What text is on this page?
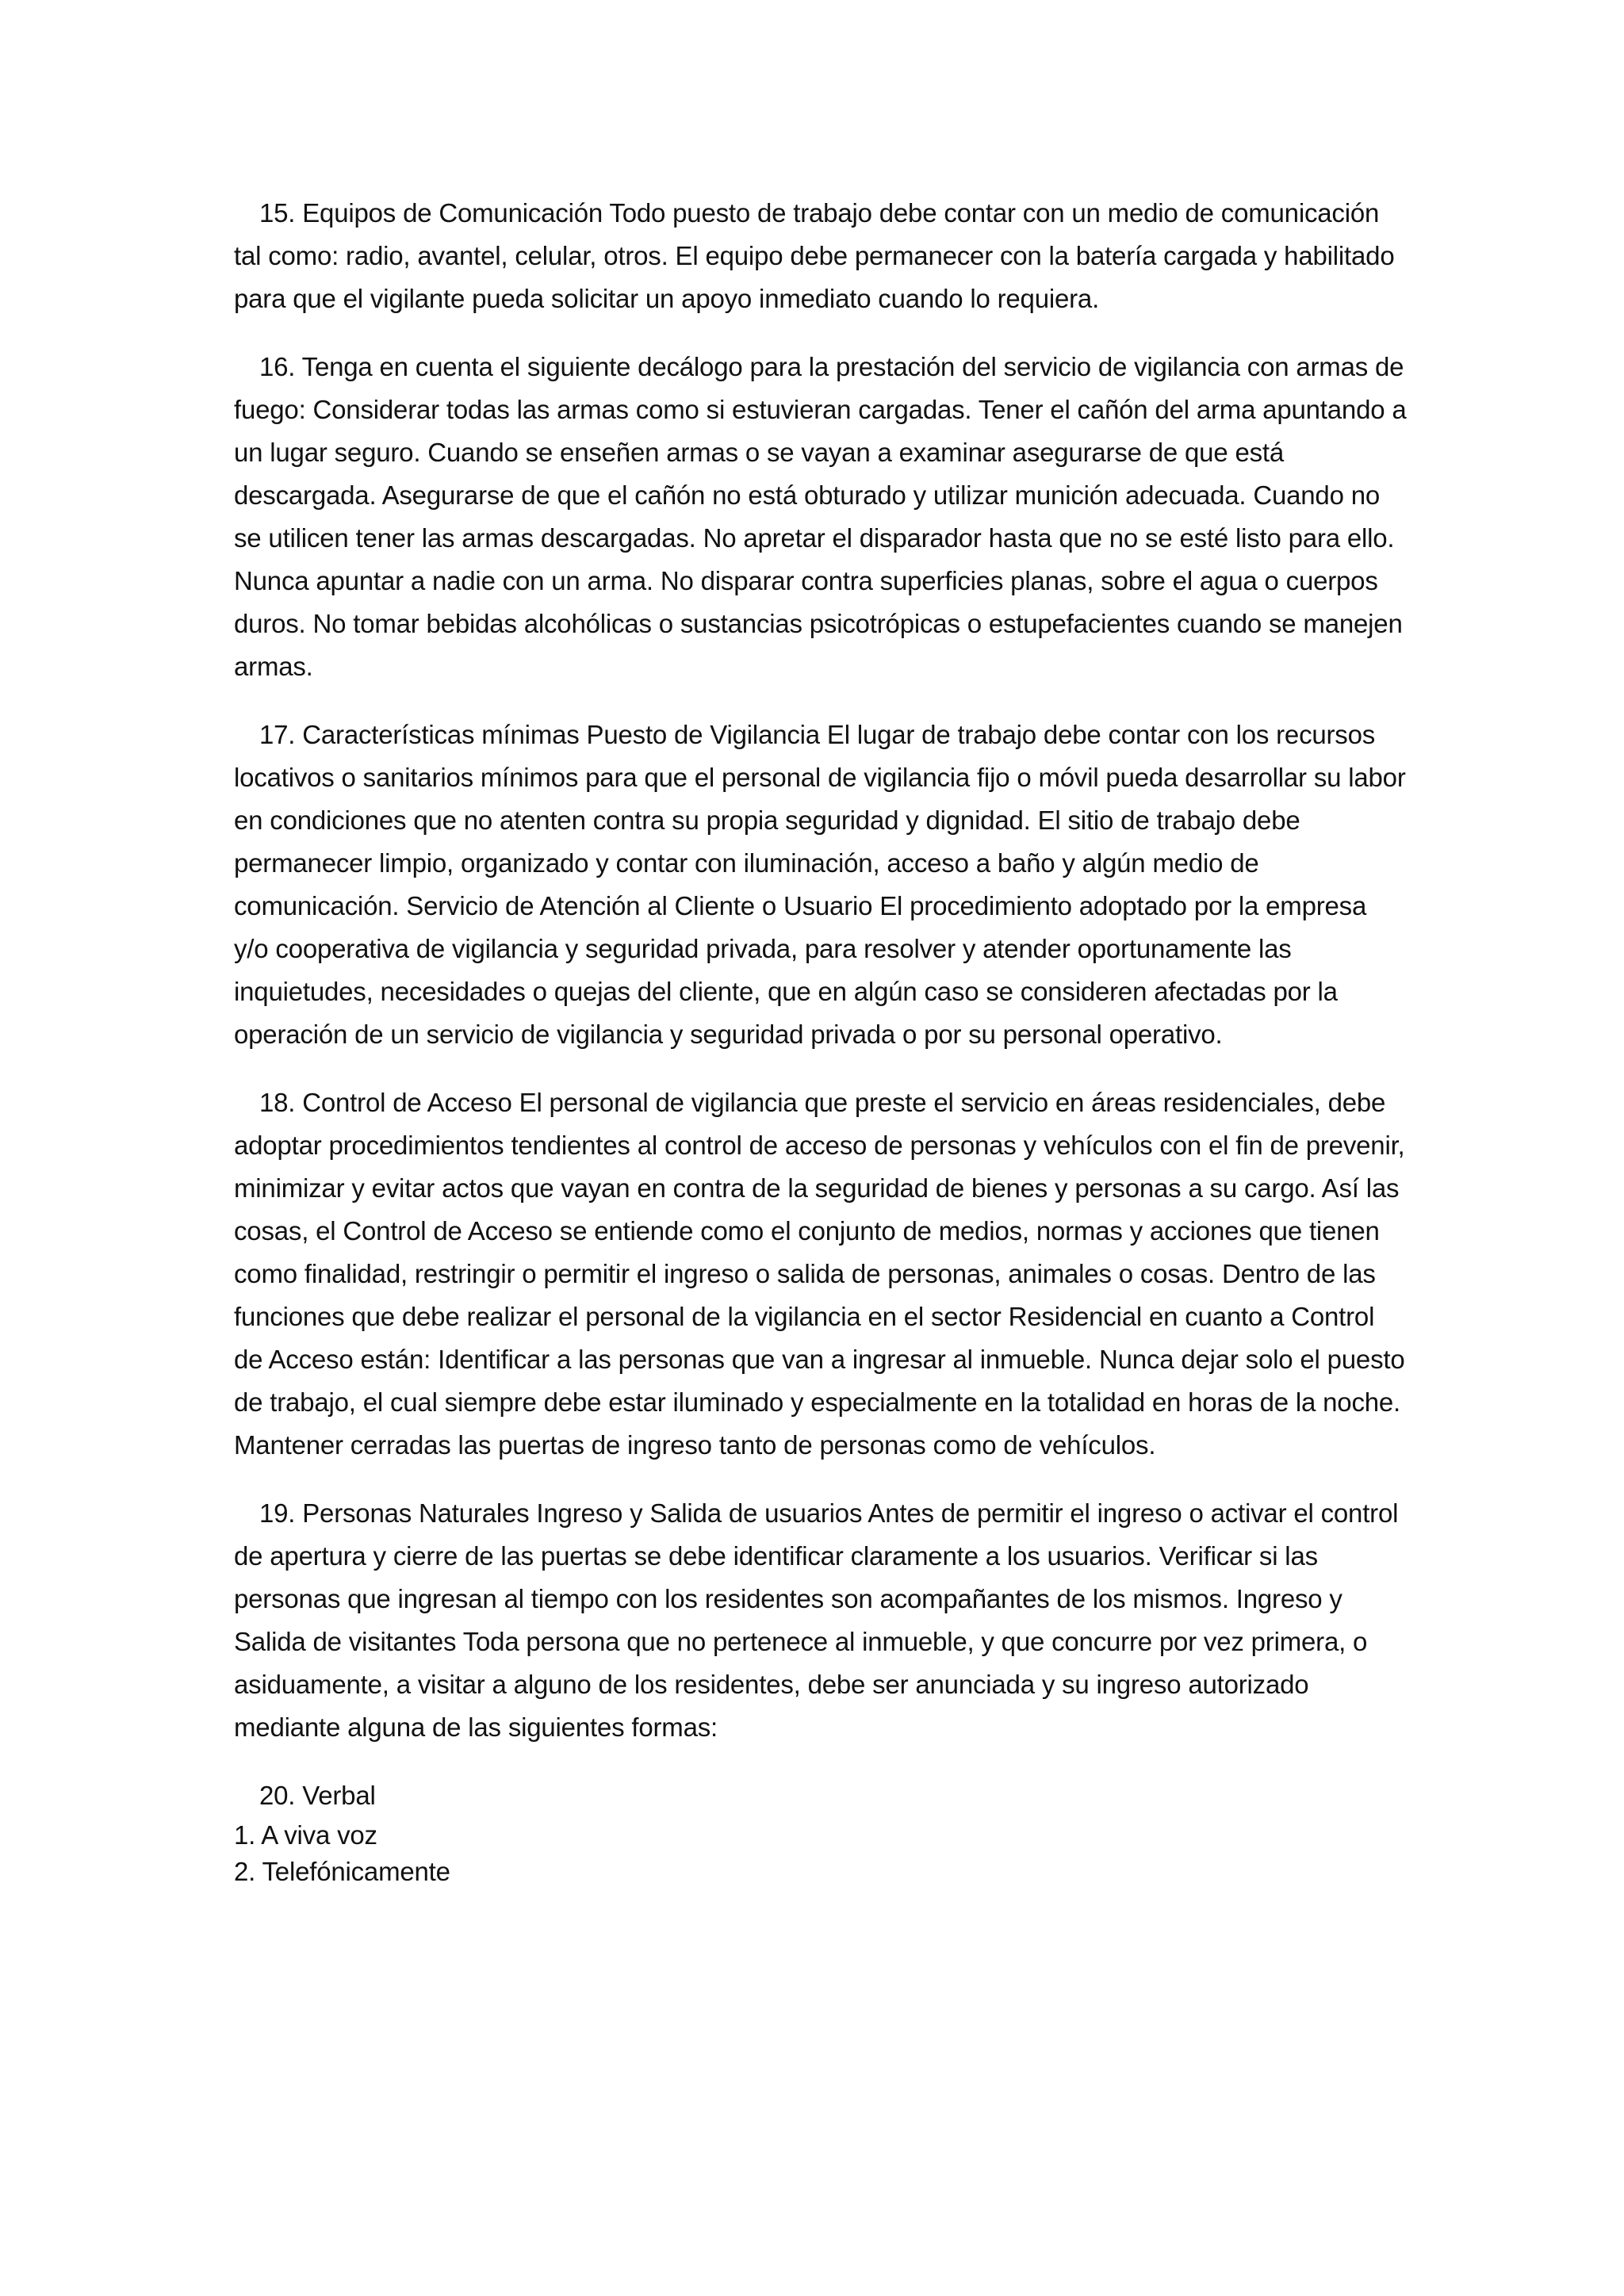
15. Equipos de Comunicación Todo puesto de trabajo debe contar con un medio de comunicación tal como: radio, avantel, celular, otros. El equipo debe permanecer con la batería cargada y habilitado para que el vigilante pueda solicitar un apoyo inmediato cuando lo requiera.

16. Tenga en cuenta el siguiente decálogo para la prestación del servicio de vigilancia con armas de fuego: Considerar todas las armas como si estuvieran cargadas. Tener el cañón del arma apuntando a un lugar seguro. Cuando se enseñen armas o se vayan a examinar asegurarse de que está descargada. Asegurarse de que el cañón no está obturado y utilizar munición adecuada. Cuando no se utilicen tener las armas descargadas. No apretar el disparador hasta que no se esté listo para ello. Nunca apuntar a nadie con un arma. No disparar contra superficies planas, sobre el agua o cuerpos duros. No tomar bebidas alcohólicas o sustancias psicotrópicas o estupefacientes cuando se manejen armas.

17. Características mínimas Puesto de Vigilancia El lugar de trabajo debe contar con los recursos locativos o sanitarios mínimos para que el personal de vigilancia fijo o móvil pueda desarrollar su labor en condiciones que no atenten contra su propia seguridad y dignidad. El sitio de trabajo debe permanecer limpio, organizado y contar con iluminación, acceso a baño y algún medio de comunicación. Servicio de Atención al Cliente o Usuario El procedimiento adoptado por la empresa y/o cooperativa de vigilancia y seguridad privada, para resolver y atender oportunamente las inquietudes, necesidades o quejas del cliente, que en algún caso se consideren afectadas por la operación de un servicio de vigilancia y seguridad privada o por su personal operativo.

18. Control de Acceso El personal de vigilancia que preste el servicio en áreas residenciales, debe adoptar procedimientos tendientes al control de acceso de personas y vehículos con el fin de prevenir, minimizar y evitar actos que vayan en contra de la seguridad de bienes y personas a su cargo. Así las cosas, el Control de Acceso se entiende como el conjunto de medios, normas y acciones que tienen como finalidad, restringir o permitir el ingreso o salida de personas, animales o cosas. Dentro de las funciones que debe realizar el personal de la vigilancia en el sector Residencial en cuanto a Control de Acceso están: Identificar a las personas que van a ingresar al inmueble. Nunca dejar solo el puesto de trabajo, el cual siempre debe estar iluminado y especialmente en la totalidad en horas de la noche. Mantener cerradas las puertas de ingreso tanto de personas como de vehículos.

19. Personas Naturales Ingreso y Salida de usuarios Antes de permitir el ingreso o activar el control de apertura y cierre de las puertas se debe identificar claramente a los usuarios. Verificar si las personas que ingresan al tiempo con los residentes son acompañantes de los mismos. Ingreso y Salida de visitantes Toda persona que no pertenece al inmueble, y que concurre por vez primera, o asiduamente, a visitar a alguno de los residentes, debe ser anunciada y su ingreso autorizado mediante alguna de las siguientes formas:

20. Verbal

1. A viva voz
2. Telefónicamente
